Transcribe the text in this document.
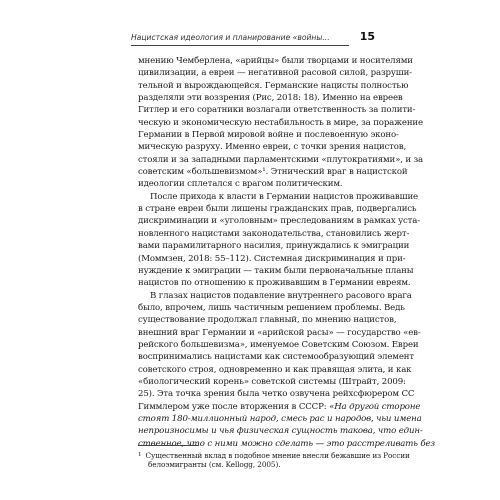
Нацистская идеология и планирование «войны...	15
мнению Чемберлена, «арийцы» были творцами и носителями
цивилизации, а евреи — негативной расовой силой, разруши-
тельной и вырождающейся. Германские нацисты полностью
разделяли эти воззрения (Рис, 2018: 18). Именно на евреев
Гитлер и его соратники возлагали ответственность за полити-
ческую и экономическую нестабильность в мире, за поражение
Германии в Первой мировой войне и послевоенную эконо-
мическую разруху. Именно евреи, с точки зрения нацистов,
стояли и за западными парламентскими «плутократиями», и за
советским «большевизмом»¹. Этнический враг в нацистской
идеологии сплетался с врагом политическим.
После прихода к власти в Германии нацистов проживавшие
в стране евреи были лишены гражданских прав, подвергались
дискриминации и «уголовным» преследованиям в рамках уста-
новленного нацистами законодательства, становились жерт-
вами парамилитарного насилия, принуждались к эмиграции
(Моммзен, 2018: 55–112). Системная дискриминация и при-
нуждение к эмиграции — таким были первоначальные планы
нацистов по отношению к проживавшим в Германии евреям.
В глазах нацистов подавление внутреннего расового врага
было, впрочем, лишь частичным решением проблемы. Ведь
существование продолжал главный, по мнению нацистов,
внешний враг Германии и «арийской расы» — государство «ев-
рейского большевизма», именуемое Советским Союзом. Евреи
воспринимались нацистами как системообразующий элемент
советского строя, одновременно и как правящая элита, и как
«биологический корень» советской системы (Штрайт, 2009:
25). Эта точка зрения была четко озвучена рейхсфюрером СС
Гиммлером уже после вторжения в СССР: «На другой стороне
стоят 180-миллионный народ, смесь рас и народов, чьи имена
непроизносимы и чья физическая сущность такова, что един-
ственное, что с ними можно сделать — это расстреливать без
$^1$ Существенный вклад в подобное мнение внесли бежавшие из России
белоэмигранты (см. Kellogg, 2005).
